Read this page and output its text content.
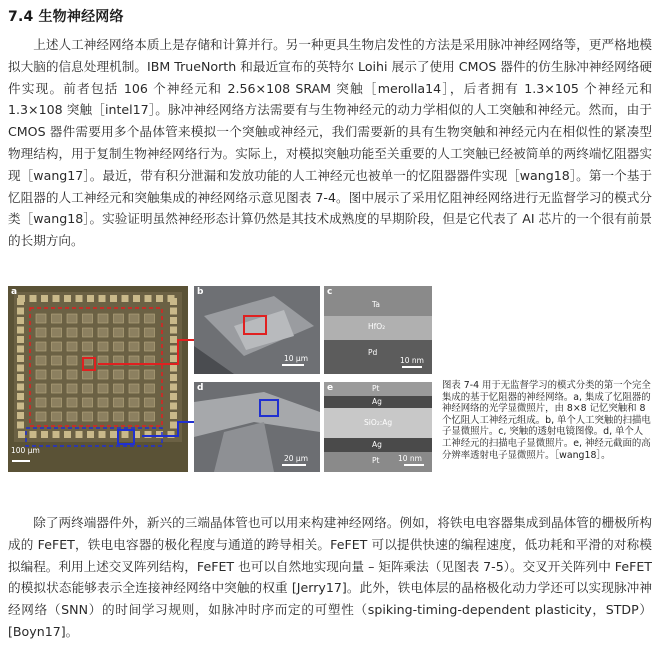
7.4 生物神经网络

上述人工神经网络本质上是存储和计算并行。另一种更具生物启发性的方法是采用脉冲神经网络等，更严格地模拟大脑的信息处理机制。IBM TrueNorth 和最近宣布的英特尔 Loihi 展示了使用 CMOS 器件的仿生脉冲神经网络硬件实现。前者包括 106 个神经元和 2.56×108 SRAM 突触［merolla14］，后者拥有 1.3×105 个神经元和 1.3×108 突触［intel17］。脉冲神经网络方法需要有与生物神经元的动力学相似的人工突触和神经元。然而，由于 CMOS 器件需要用多个晶体管来模拟一个突触或神经元，我们需要新的具有生物突触和神经元内在相似性的紧凑型物理结构，用于复制生物神经网络行为。实际上，对模拟突触功能至关重要的人工突触已经被简单的两终端忆阻器实现［wang17］。最近，带有积分泄漏和发放功能的人工神经元也被单一的忆阻器器件实现［wang18］。第一个基于忆阻器的人工神经元和突触集成的神经网络示意见图表 7-4。图中展示了采用忆阻神经网络进行无监督学习的模式分类［wang18］。实验证明虽然神经形态计算仍然是其技术成熟度的早期阶段，但是它代表了 AI 芯片的一个很有前景的长期方向。

a
100 µm
b
10 µm
c
Ta
HfO₂
Pd
10 nm
d
20 µm
e	Pt
Ag
SiO₂:Ag
Ag
Pt 10 nm

图表 7-4 用于无监督学习的模式分类的第一个完全集成的基于忆阻器的神经网络。a, 集成了忆阻器的神经网络的光学显微照片，由 8×8 记忆突触和 8 个忆阻人工神经元组成。b, 单个人工突触的扫描电子显微照片。c, 突触的透射电镜图像。d, 单个人工神经元的扫描电子显微照片。e, 神经元截面的高分辨率透射电子显微照片。［wang18］。

除了两终端器件外，新兴的三端晶体管也可以用来构建神经网络。例如，将铁电电容器集成到晶体管的栅极所构成的 FeFET，铁电电容器的极化程度与通道的跨导相关。FeFET 可以提供快速的编程速度，低功耗和平滑的对称模拟编程。利用上述交叉阵列结构，FeFET 也可以自然地实现向量 – 矩阵乘法（见图表 7-5）。交叉开关阵列中 FeFET 的模拟状态能够表示全连接神经网络中突触的权重 [Jerry17]。此外，铁电体层的晶格极化动力学还可以实现脉冲神经网络（SNN）的时间学习规则，如脉冲时序而定的可塑性（spiking-timing-dependent plasticity，STDP）[Boyn17]。
